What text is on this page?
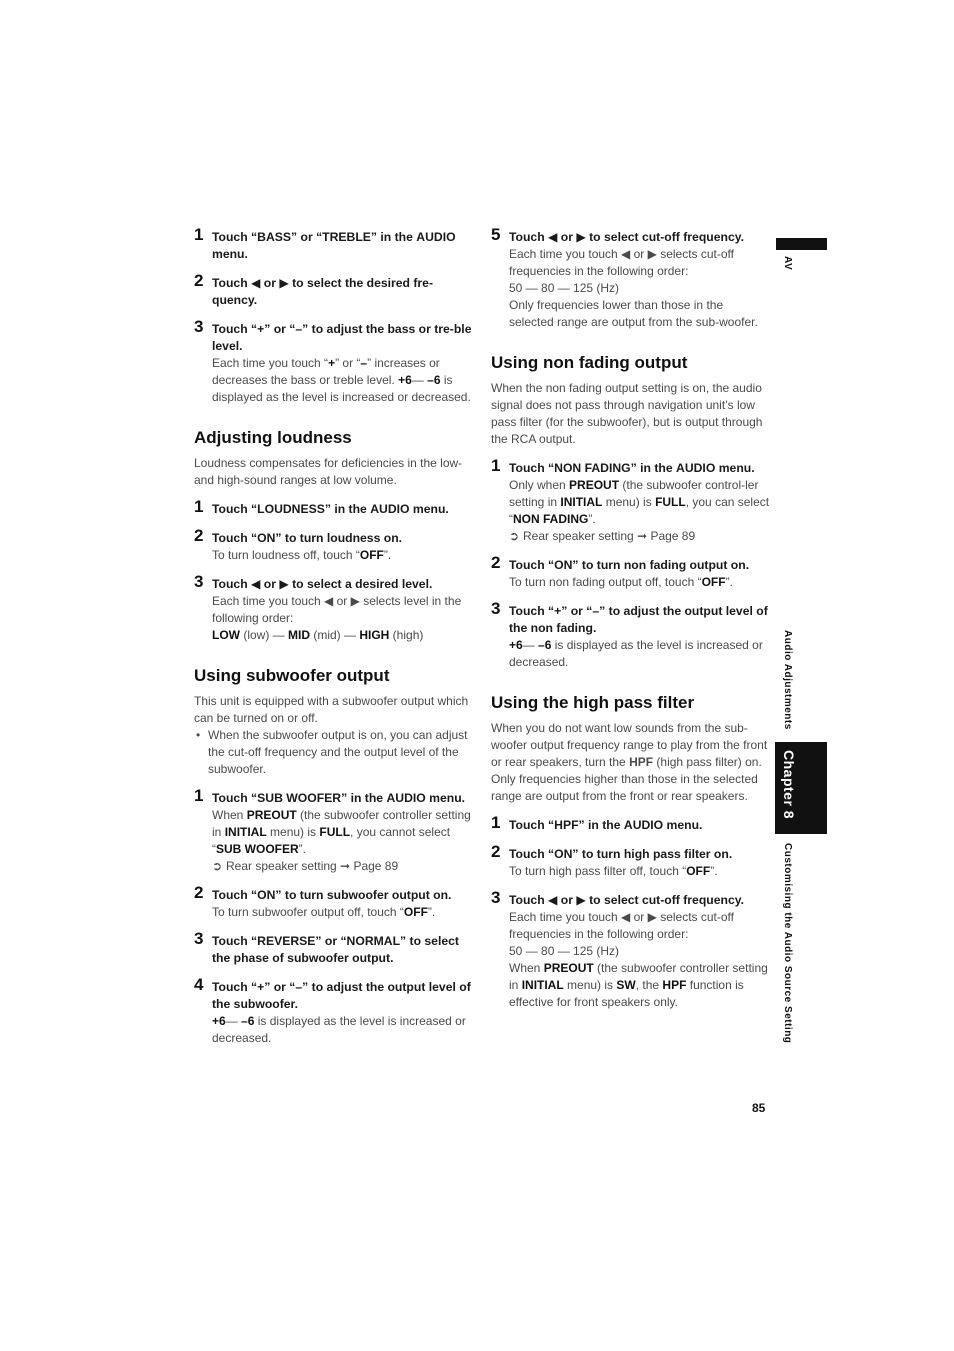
1 Touch “BASS” or “TREBLE” in the AUDIO menu.
2 Touch ◀ or ▶ to select the desired fre-quency.
3 Touch “+” or “–” to adjust the bass or tre-ble level.
Each time you touch “+” or “–” increases or decreases the bass or treble level. +6— –6 is displayed as the level is increased or decreased.
Adjusting loudness
Loudness compensates for deficiencies in the low- and high-sound ranges at low volume.
1 Touch “LOUDNESS” in the AUDIO menu.
2 Touch “ON” to turn loudness on.
To turn loudness off, touch “OFF”.
3 Touch ◀ or ▶ to select a desired level.
Each time you touch ◀ or ▶ selects level in the following order:
LOW (low) — MID (mid) — HIGH (high)
Using subwoofer output
This unit is equipped with a subwoofer output which can be turned on or off.
• When the subwoofer output is on, you can adjust the cut-off frequency and the output level of the subwoofer.
1 Touch “SUB WOOFER” in the AUDIO menu.
When PREOUT (the subwoofer controller setting in INITIAL menu) is FULL, you cannot select “SUB WOOFER”.
➲ Rear speaker setting ➞ Page 89
2 Touch “ON” to turn subwoofer output on.
To turn subwoofer output off, touch “OFF”.
3 Touch “REVERSE” or “NORMAL” to select the phase of subwoofer output.
4 Touch “+” or “–” to adjust the output level of the subwoofer.
+6— –6 is displayed as the level is increased or decreased.
5 Touch ◀ or ▶ to select cut-off frequency.
Each time you touch ◀ or ▶ selects cut-off frequencies in the following order:
50 — 80 — 125 (Hz)
Only frequencies lower than those in the selected range are output from the sub-woofer.
Using non fading output
When the non fading output setting is on, the audio signal does not pass through navigation unit’s low pass filter (for the subwoofer), but is output through the RCA output.
1 Touch “NON FADING” in the AUDIO menu.
Only when PREOUT (the subwoofer control-ler setting in INITIAL menu) is FULL, you can select “NON FADING”.
➲ Rear speaker setting ➞ Page 89
2 Touch “ON” to turn non fading output on.
To turn non fading output off, touch “OFF”.
3 Touch “+” or “–” to adjust the output level of the non fading.
+6— –6 is displayed as the level is increased or decreased.
Using the high pass filter
When you do not want low sounds from the sub-woofer output frequency range to play from the front or rear speakers, turn the HPF (high pass filter) on. Only frequencies higher than those in the selected range are output from the front or rear speakers.
1 Touch “HPF” in the AUDIO menu.
2 Touch “ON” to turn high pass filter on.
To turn high pass filter off, touch “OFF”.
3 Touch ◀ or ▶ to select cut-off frequency.
Each time you touch ◀ or ▶ selects cut-off frequencies in the following order:
50 — 80 — 125 (Hz)
When PREOUT (the subwoofer controller setting in INITIAL menu) is SW, the HPF function is effective for front speakers only.
AV
Audio Adjustments
Chapter 8
Customising the Audio Source Setting
85
